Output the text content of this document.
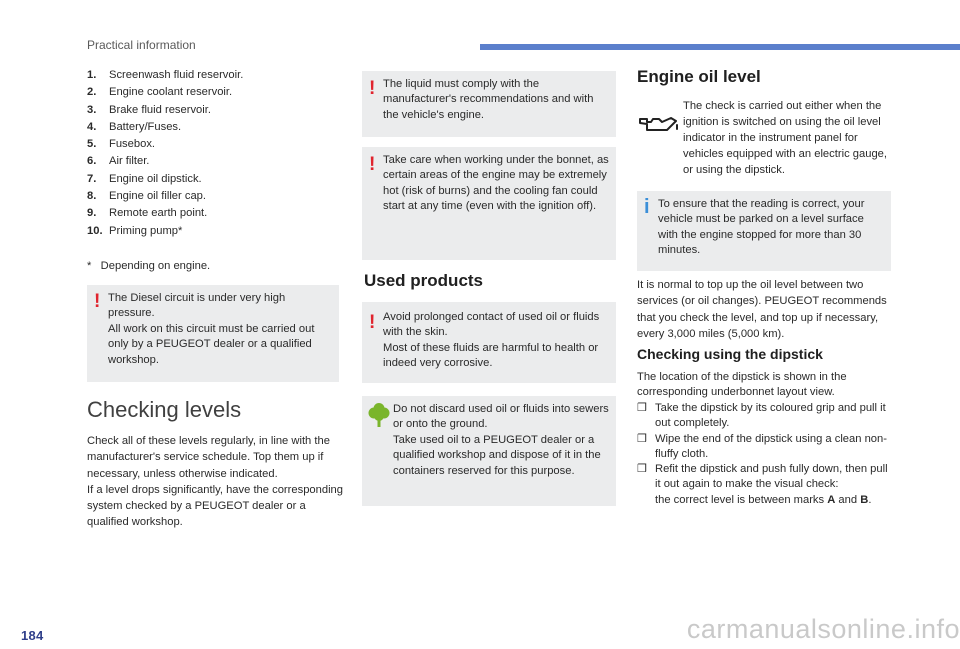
Practical information
1. Screenwash fluid reservoir.
2. Engine coolant reservoir.
3. Brake fluid reservoir.
4. Battery/Fuses.
5. Fusebox.
6. Air filter.
7. Engine oil dipstick.
8. Engine oil filler cap.
9. Remote earth point.
10. Priming pump*
*   Depending on engine.
! The Diesel circuit is under very high pressure.
All work on this circuit must be carried out only by a PEUGEOT dealer or a qualified workshop.
Checking levels
Check all of these levels regularly, in line with the manufacturer's service schedule. Top them up if necessary, unless otherwise indicated.
If a level drops significantly, have the corresponding system checked by a PEUGEOT dealer or a qualified workshop.
! The liquid must comply with the manufacturer's recommendations and with the vehicle's engine.
! Take care when working under the bonnet, as certain areas of the engine may be extremely hot (risk of burns) and the cooling fan could start at any time (even with the ignition off).
Used products
! Avoid prolonged contact of used oil or fluids with the skin.
Most of these fluids are harmful to health or indeed very corrosive.
Do not discard used oil or fluids into sewers or onto the ground.
Take used oil to a PEUGEOT dealer or a qualified workshop and dispose of it in the containers reserved for this purpose.
Engine oil level
The check is carried out either when the ignition is switched on using the oil level indicator in the instrument panel for vehicles equipped with an electric gauge, or using the dipstick.
i To ensure that the reading is correct, your vehicle must be parked on a level surface with the engine stopped for more than 30 minutes.
It is normal to top up the oil level between two services (or oil changes). PEUGEOT recommends that you check the level, and top up if necessary, every 3,000 miles (5,000 km).
Checking using the dipstick
The location of the dipstick is shown in the corresponding underbonnet layout view.
❒ Take the dipstick by its coloured grip and pull it out completely.
❒ Wipe the end of the dipstick using a clean non-fluffy cloth.
❒ Refit the dipstick and push fully down, then pull it out again to make the visual check:
the correct level is between marks A and B.
184	carmanualsonline.info
